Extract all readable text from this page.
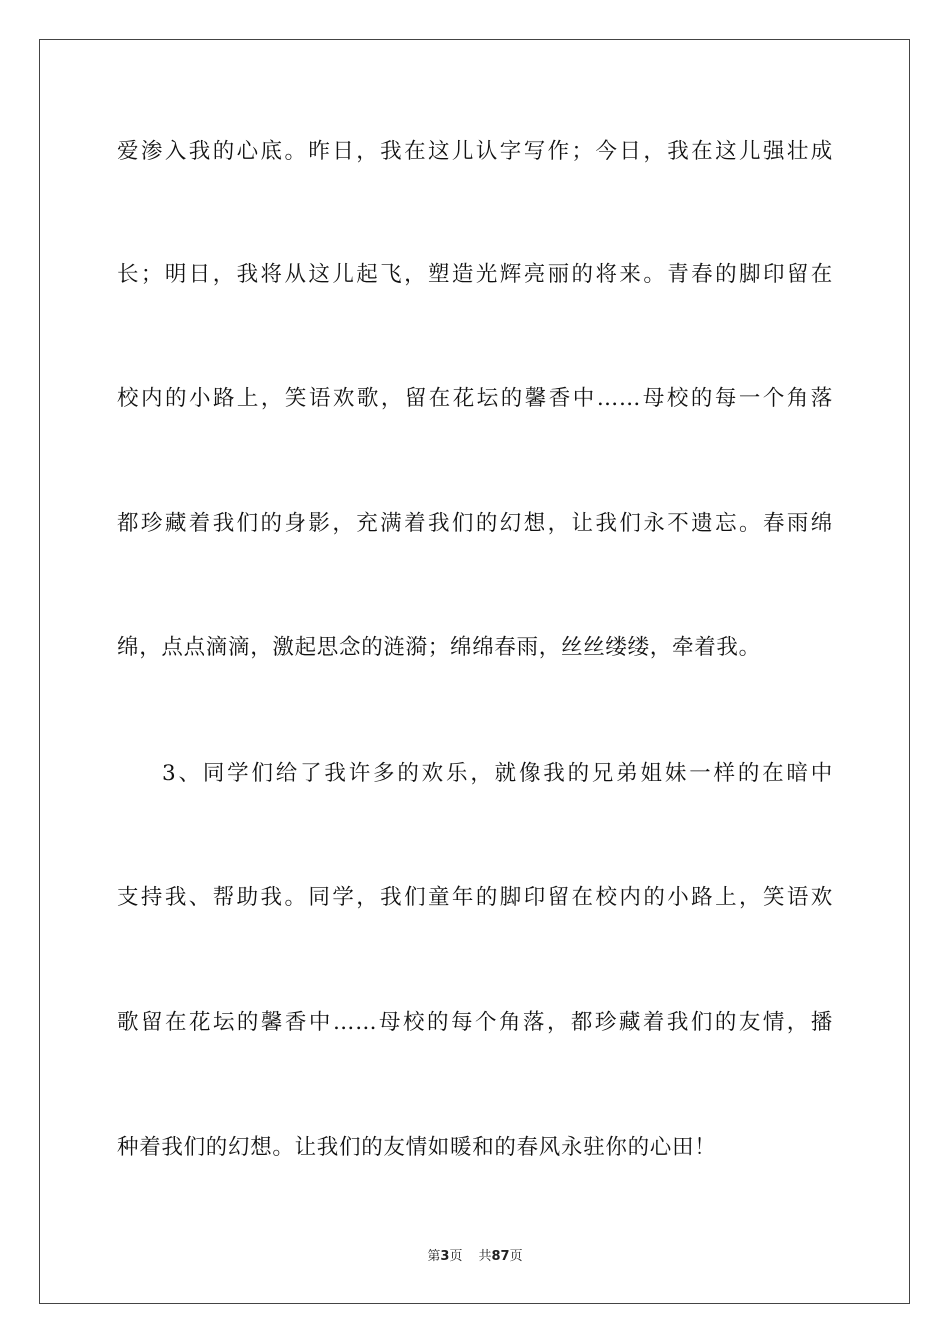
爱渗入我的心底。昨日，我在这儿认字写作；今日，我在这儿强壮成
长；明日，我将从这儿起飞，塑造光辉亮丽的将来。青春的脚印留在
校内的小路上，笑语欢歌，留在花坛的馨香中……母校的每一个角落
都珍藏着我们的身影，充满着我们的幻想，让我们永不遗忘。春雨绵
绵，点点滴滴，激起思念的涟漪；绵绵春雨，丝丝缕缕，牵着我。
3、同学们给了我许多的欢乐，就像我的兄弟姐妹一样的在暗中
支持我、帮助我。同学，我们童年的脚印留在校内的小路上，笑语欢
歌留在花坛的馨香中……母校的每个角落，都珍藏着我们的友情，播
种着我们的幻想。让我们的友情如暖和的春风永驻你的心田！
第3页 共87页
